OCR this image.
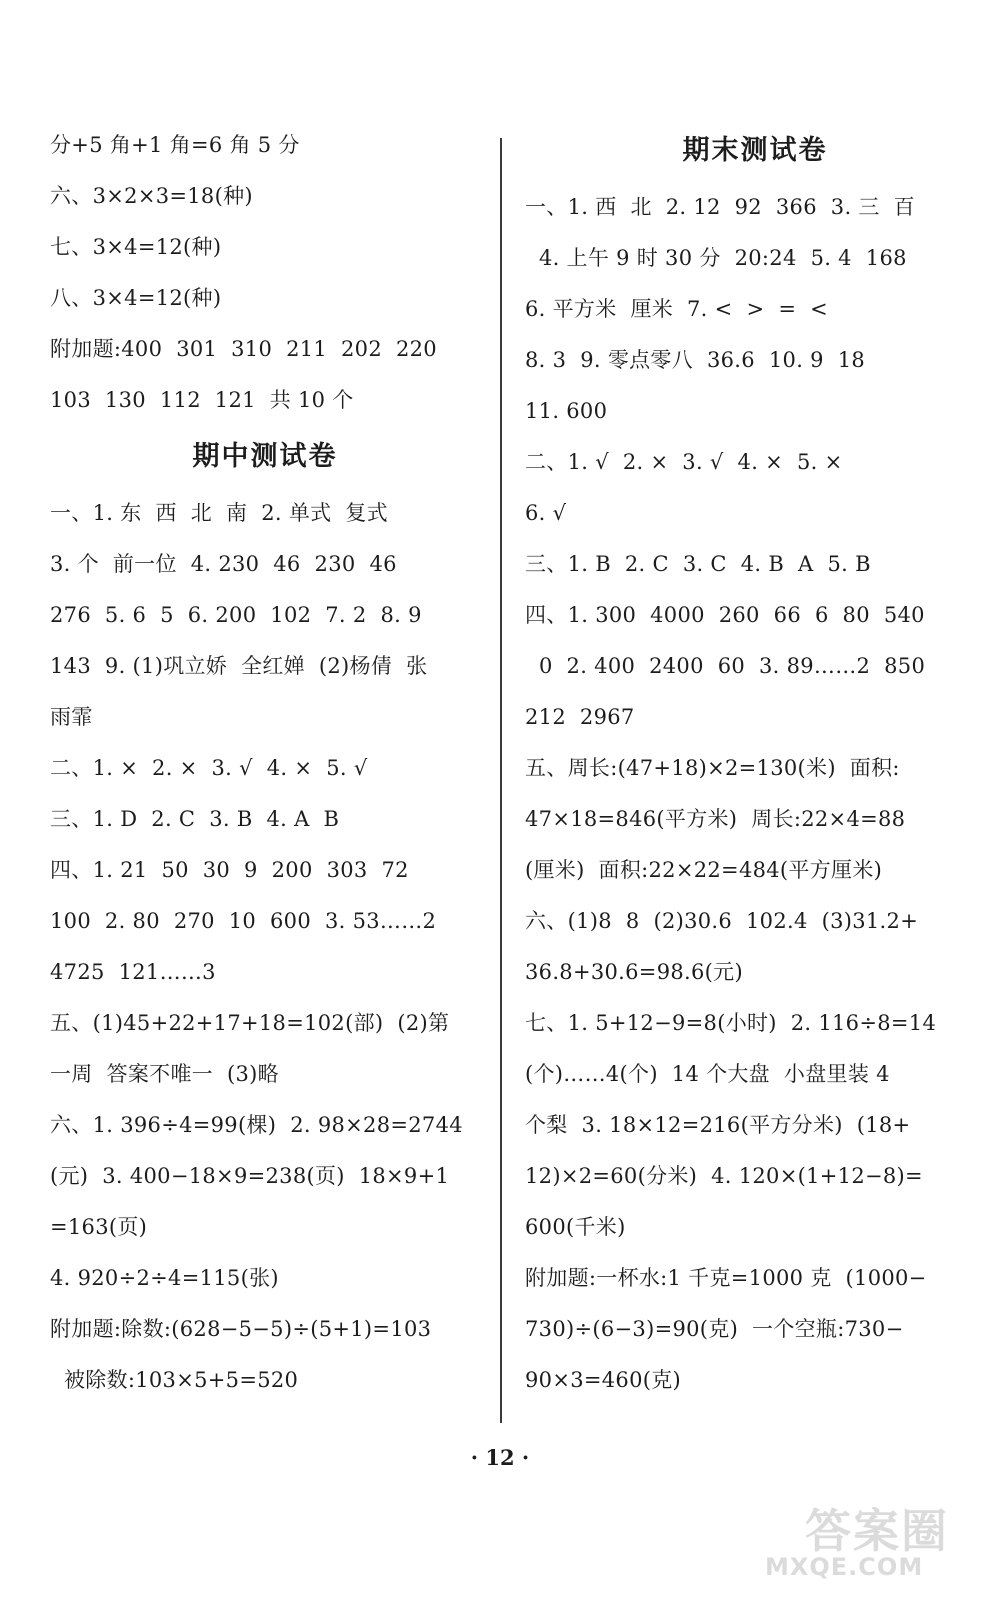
分+5 角+1 角=6 角 5 分
六、3×2×3=18(种)
七、3×4=12(种)
八、3×4=12(种)
附加题:400  301  310  211  202  220
103  130  112  121  共 10 个
期中测试卷
一、1. 东  西  北  南  2. 单式  复式
3. 个  前一位  4. 230  46  230  46
276  5. 6  5  6. 200  102  7. 2  8. 9
143  9. (1)巩立娇  全红婵  (2)杨倩  张
雨霏
二、1. ×  2. ×  3. √  4. ×  5. √
三、1. D  2. C  3. B  4. A  B
四、1. 21  50  30  9  200  303  72
100  2. 80  270  10  600  3. 53……2
4725  121……3
五、(1)45+22+17+18=102(部)  (2)第
一周  答案不唯一  (3)略
六、1. 396÷4=99(棵)  2. 98×28=2744
(元)  3. 400−18×9=238(页)  18×9+1
=163(页)
4. 920÷2÷4=115(张)
附加题:除数:(628−5−5)÷(5+1)=103
被除数:103×5+5=520
期末测试卷
一、1. 西  北  2. 12  92  366  3. 三  百
4. 上午 9 时 30 分  20:24  5. 4  168
6. 平方米  厘米  7. <  >  =  <
8. 3  9. 零点零八  36.6  10. 9  18
11. 600
二、1. √  2. ×  3. √  4. ×  5. ×
6. √
三、1. B  2. C  3. C  4. B  A  5. B
四、1. 300  4000  260  66  6  80  540
0  2. 400  2400  60  3. 89……2  850
212  2967
五、周长:(47+18)×2=130(米)  面积:
47×18=846(平方米)  周长:22×4=88
(厘米)  面积:22×22=484(平方厘米)
六、(1)8  8  (2)30.6  102.4  (3)31.2+
36.8+30.6=98.6(元)
七、1. 5+12−9=8(小时)  2. 116÷8=14
(个)……4(个)  14 个大盘  小盘里装 4
个梨  3. 18×12=216(平方分米)  (18+
12)×2=60(分米)  4. 120×(1+12−8)=
600(千米)
附加题:一杯水:1 千克=1000 克  (1000−
730)÷(6−3)=90(克)  一个空瓶:730−
90×3=460(克)
· 12 ·
答案圈
MXQE.COM
